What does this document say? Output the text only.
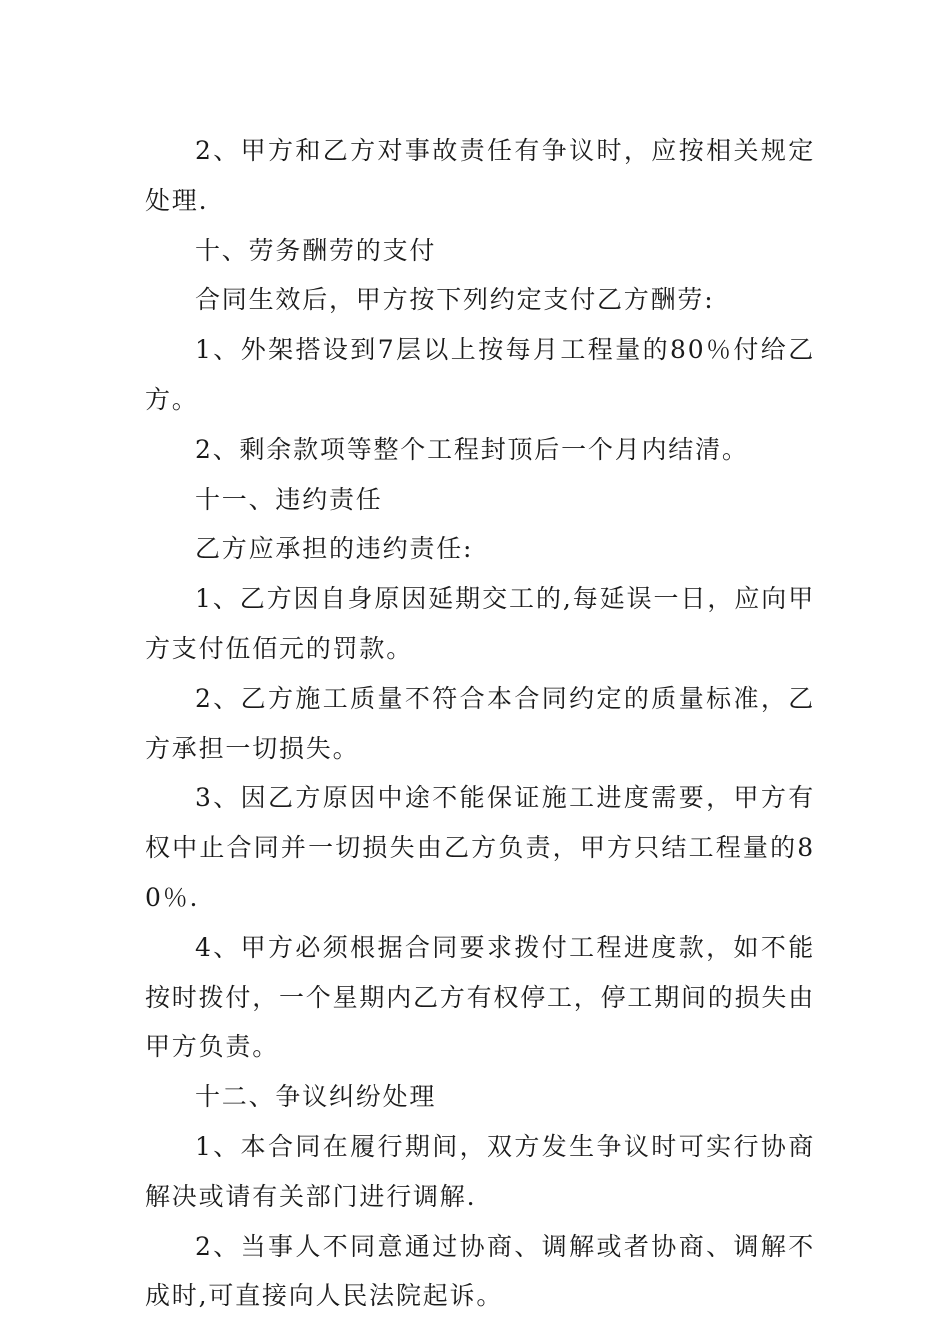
2、甲方和乙方对事故责任有争议时，应按相关规定处理.

十、劳务酬劳的支付

合同生效后，甲方按下列约定支付乙方酬劳:

1、外架搭设到7层以上按每月工程量的80％付给乙方。

2、剩余款项等整个工程封顶后一个月内结清。

十一、违约责任

乙方应承担的违约责任:

1、乙方因自身原因延期交工的,每延误一日，应向甲方支付伍佰元的罚款。

2、乙方施工质量不符合本合同约定的质量标准，乙方承担一切损失。

3、因乙方原因中途不能保证施工进度需要，甲方有权中止合同并一切损失由乙方负责，甲方只结工程量的80％.

4、甲方必须根据合同要求拨付工程进度款，如不能按时拨付，一个星期内乙方有权停工，停工期间的损失由甲方负责。

十二、争议纠纷处理

1、本合同在履行期间，双方发生争议时可实行协商解决或请有关部门进行调解.

2、当事人不同意通过协商、调解或者协商、调解不成时,可直接向人民法院起诉。
